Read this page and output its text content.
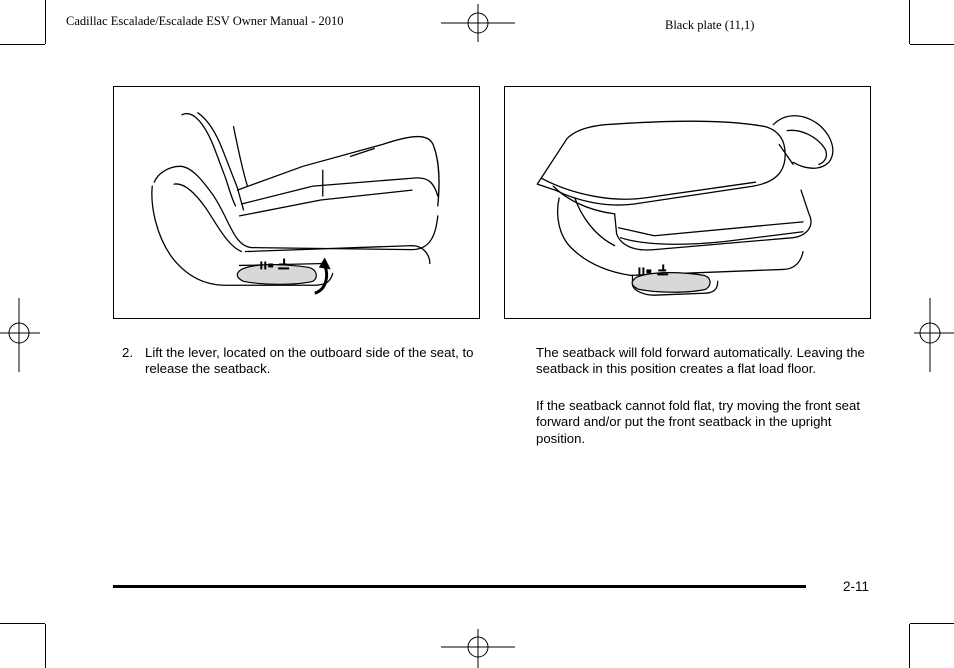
Cadillac Escalade/Escalade ESV Owner Manual - 2010	Black plate (11,1)
2. Lift the lever, located on the outboard side of the seat, to release the seatback.
The seatback will fold forward automatically. Leaving the seatback in this position creates a flat load floor.
If the seatback cannot fold flat, try moving the front seat forward and/or put the front seatback in the upright position.
2-11
